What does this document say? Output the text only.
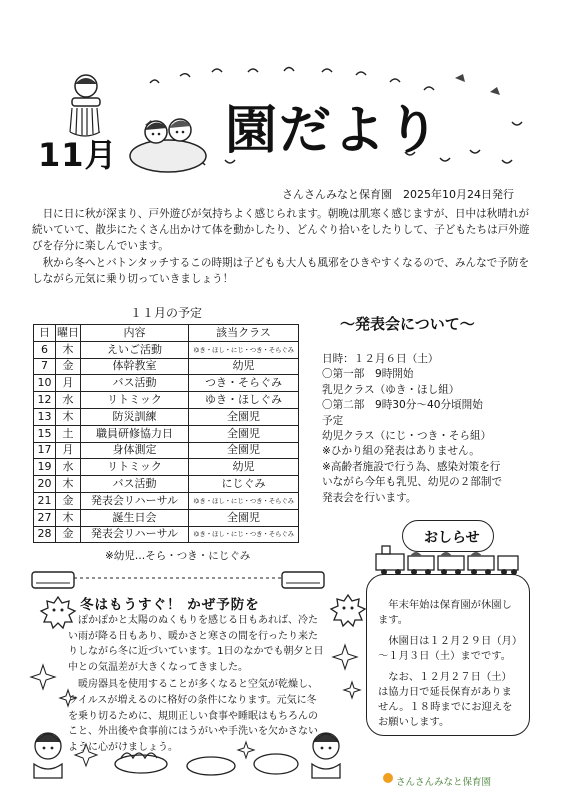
11月 園だより
さんさんみなと保育園　2025年10月24日発行

日に日に秋が深まり、戸外遊びが気持ちよく感じられます。朝晩は肌寒く感じますが、日中は秋晴れが続いていて、散歩にたくさん出かけて体を動かしたり、どんぐり拾いをしたりして、子どもたちは戸外遊びを存分に楽しんでいます。

秋から冬へとバトンタッチするこの時期は子どもも大人も風邪をひきやすくなるので、みんなで予防をしながら元気に乗り切っていきましょう！

１１月の予定
日	曜日	内容	該当クラス
6	木	えいご活動	ゆき・ほし・にじ・つき・そらぐみ
7	金	体幹教室	幼児
10	月	バス活動	つき・そらぐみ
12	水	リトミック	ゆき・ほしぐみ
13	木	防災訓練	全園児
15	土	職員研修協力日	全園児
17	月	身体測定	全園児
19	水	リトミック	幼児
20	木	バス活動	にじぐみ
21	金	発表会リハーサル	ゆき・ほし・にじ・つき・そらぐみ
27	木	誕生日会	全園児
28	金	発表会リハーサル	ゆき・ほし・にじ・つき・そらぐみ
※幼児…そら・つき・にじぐみ
～発表会について～
日時：１２月６日（土）
〇第一部　9時開始
乳児クラス（ゆき・ほし組）
〇第二部　9時30分～40分頃開始
予定
幼児クラス（にじ・つき・そら組）
※ひかり組の発表はありません。
※高齢者施設で行う為、感染対策を行
いながら今年も乳児、幼児の２部制で
発表会を行います。
おしらせ

年末年始は保育園が休園します。

休園日は１２月２９日（月）～１月３日（土）までです。

なお、１２月２７日（土）は協力日で延長保育がありません。１８時までにお迎えをお願いします。

冬はもうすぐ！ かぜ予防を

ぽかぽかと太陽のぬくもりを感じる日もあれば、冷たい雨が降る日もあり、暖かさと寒さの間を行ったり来たりしながら冬に近づいています。1日のなかでも朝夕と日中との気温差が大きくなってきました。

暖房器具を使用することが多くなると空気が乾燥し、ウイルスが増えるのに格好の条件になります。元気に冬を乗り切るために、規則正しい食事や睡眠はもちろんのこと、外出後や食事前にはうがいや手洗いを欠かさないように心がけましょう。

さんさんみなと保育園
